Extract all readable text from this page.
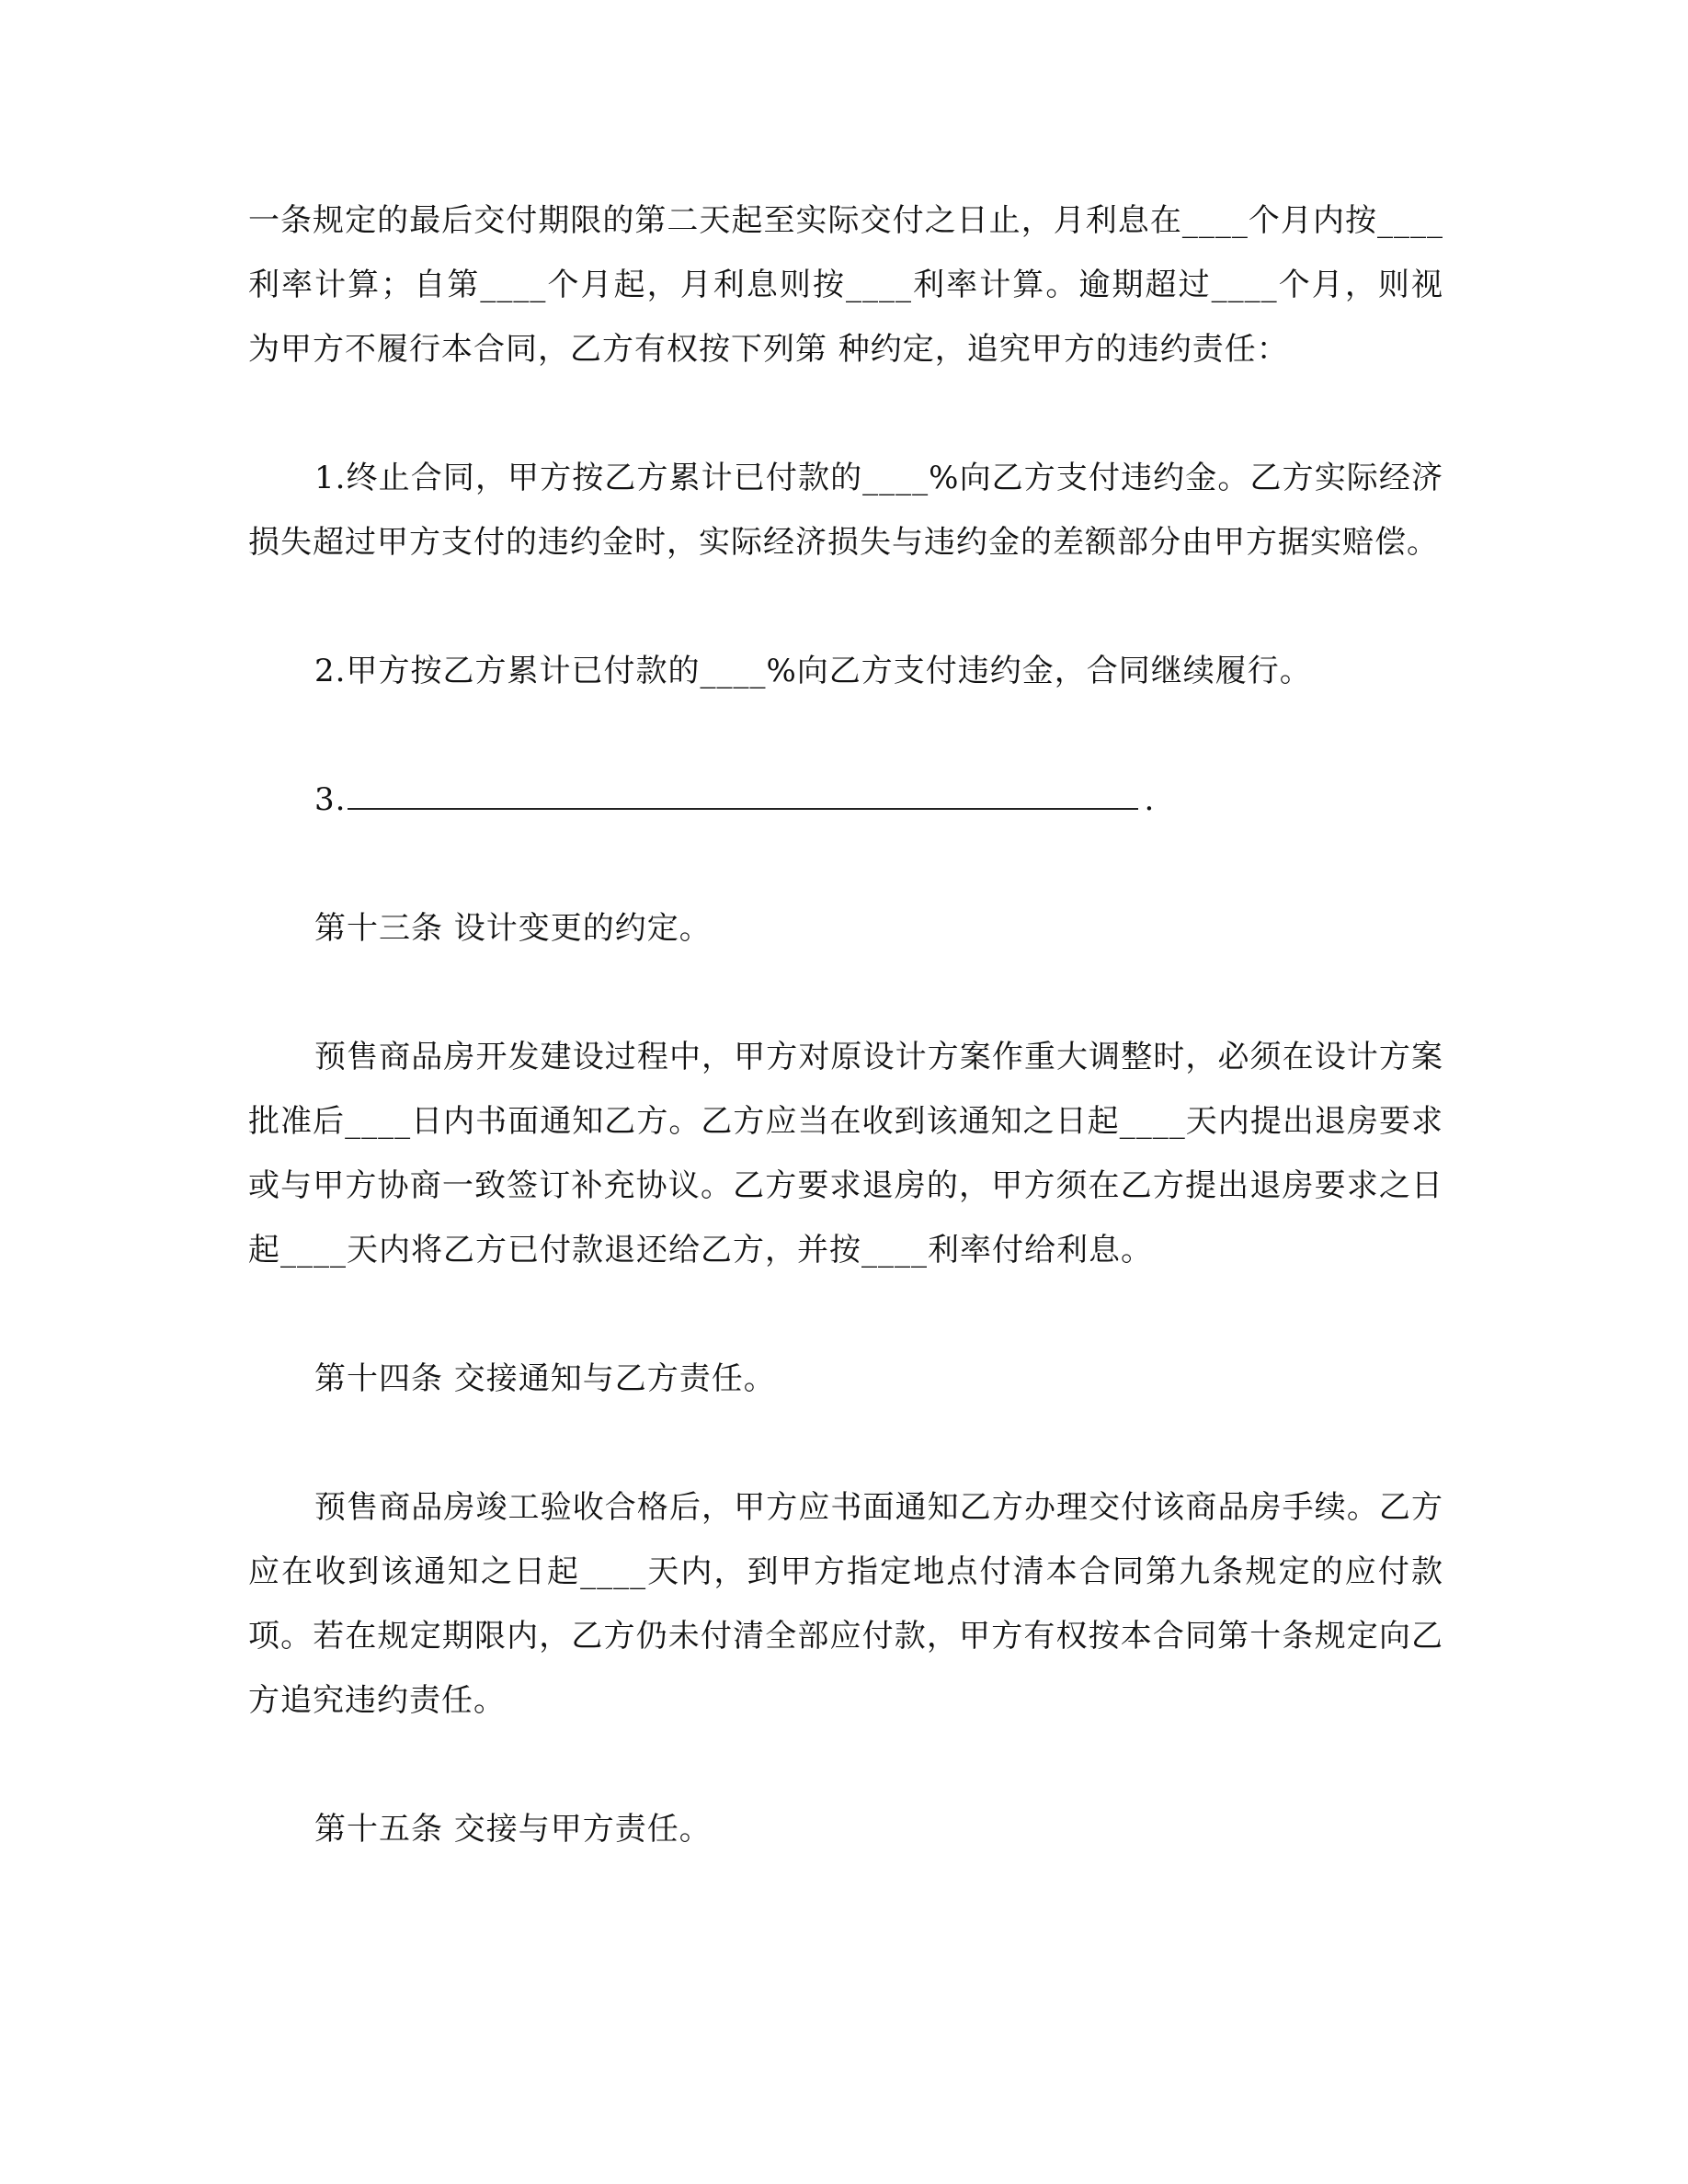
一条规定的最后交付期限的第二天起至实际交付之日止，月利息在____个月内按____利率计算；自第____个月起，月利息则按____利率计算。逾期超过____个月，则视为甲方不履行本合同，乙方有权按下列第 种约定，追究甲方的违约责任：

1.终止合同，甲方按乙方累计已付款的____%向乙方支付违约金。乙方实际经济损失超过甲方支付的违约金时，实际经济损失与违约金的差额部分由甲方据实赔偿。

2.甲方按乙方累计已付款的____%向乙方支付违约金，合同继续履行。

3.	.

第十三条 设计变更的约定。

预售商品房开发建设过程中，甲方对原设计方案作重大调整时，必须在设计方案批准后____日内书面通知乙方。乙方应当在收到该通知之日起____天内提出退房要求或与甲方协商一致签订补充协议。乙方要求退房的，甲方须在乙方提出退房要求之日起____天内将乙方已付款退还给乙方，并按____利率付给利息。

第十四条 交接通知与乙方责任。

预售商品房竣工验收合格后，甲方应书面通知乙方办理交付该商品房手续。乙方应在收到该通知之日起____天内，到甲方指定地点付清本合同第九条规定的应付款项。若在规定期限内，乙方仍未付清全部应付款，甲方有权按本合同第十条规定向乙方追究违约责任。

第十五条 交接与甲方责任。
